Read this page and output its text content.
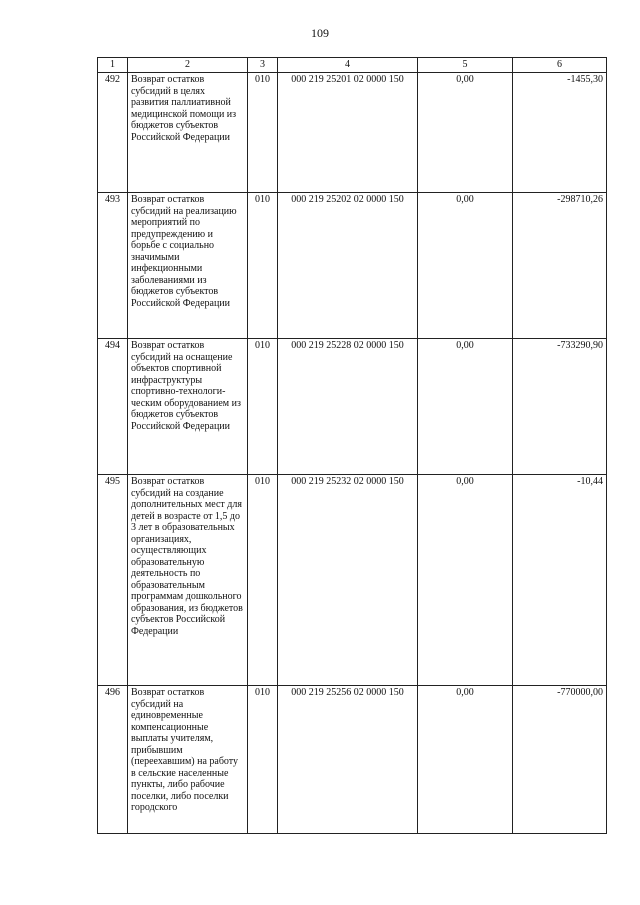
109
1	2	3	4	5	6
492	Возврат остатков субсидий в целях развития паллиативной медицинской помощи из бюджетов субъектов Российской Федерации	010	000 219 25201 02 0000 150	0,00	-1455,30
493	Возврат остатков субсидий на реализацию мероприятий по предупреждению и борьбе с социально значимыми инфекционными заболеваниями из бюджетов субъектов Российской Федерации	010	000 219 25202 02 0000 150	0,00	-298710,26
494	Возврат остатков субсидий на оснащение объектов спортивной инфраструктуры спортивно-технологи-ческим оборудованием из бюджетов субъектов Российской Федерации	010	000 219 25228 02 0000 150	0,00	-733290,90
495	Возврат остатков субсидий на создание дополнительных мест для детей в возрасте от 1,5 до 3 лет в образовательных организациях, осуществляющих образовательную деятельность по образовательным программам дошкольного образования, из бюджетов субъектов Российской Федерации	010	000 219 25232 02 0000 150	0,00	-10,44
496	Возврат остатков субсидий на единовременные компенсационные выплаты учителям, прибывшим (переехавшим) на работу в сельские населенные пункты, либо рабочие поселки, либо поселки городского	010	000 219 25256 02 0000 150	0,00	-770000,00
